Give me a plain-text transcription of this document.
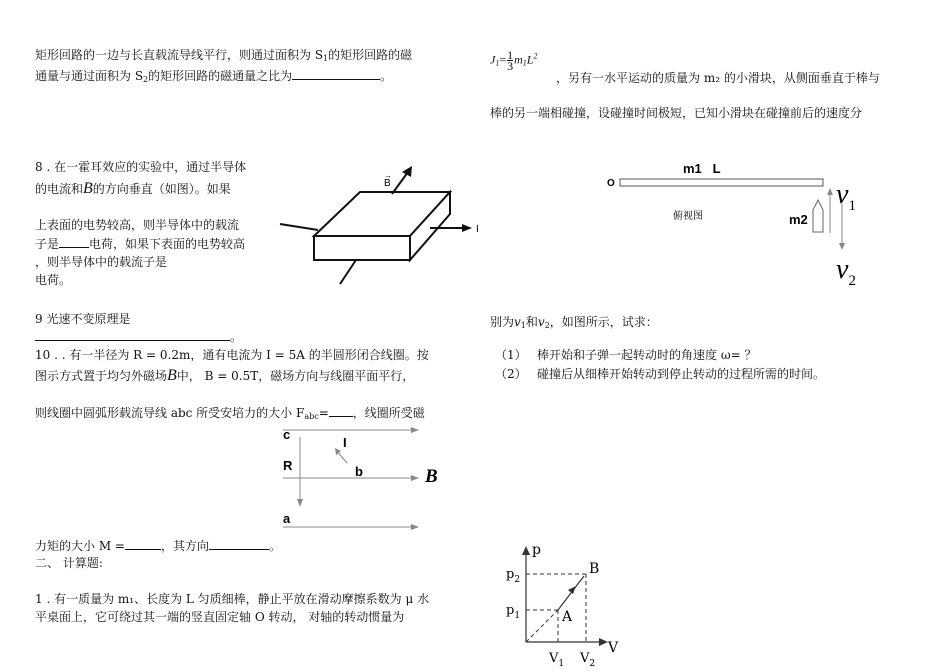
矩形回路的一边与长直载流导线平行，则通过面积为 $S_1$的矩形回路的磁
通量与通过面积为 $S_2$的矩形回路的磁通量之比为	。
8 . 在一霍耳效应的实验中，通过半导体
的电流和B的方向垂直（如图）。如果
上表面的电势较高，则半导体中的载流
子是	电荷，如果下表面的电势较高
，则半导体中的载流子是
电荷。
9 光速不变原理是
。
10 . . 有一半径为 R = 0.2m，通有电流为 I = 5A 的半圆形闭合线圈。按
图示方式置于均匀外磁场B中， B = 0.5T，磁场方向与线圈平面平行，
则线圈中圆弧形载流导线 abc 所受安培力的大小 $F_{abc}=$ ，线圈所受磁
力矩的大小 M =	，其方向	。
二、 计算题:
1 . 有一质量为 m₁、长度为 L 匀质细棒，静止平放在滑动摩擦系数为 μ 水
平桌面上，它可绕过其一端的竖直固定轴 O 转动， 对轴的转动惯量为
B
→
I
c
I
R	b	B
a
$J_1= \frac{1}{3} m_1L^2$
，另有一水平运动的质量为 m₂ 的小滑块，从侧面垂直于棒与
棒的另一端相碰撞，设碰撞时间极短，已知小滑块在碰撞前后的速度分
O
m1   L
俯视图	m2
$v_1$
$v_2$
别为$v_1$和$v_2$，如图所示，试求：
（1） 棒开始和子弹一起转动时的角速度 ω= ？
（2） 碰撞后从细棒开始转动到停止转动的过程所需的时间。
p
V
$p_2$
$p_1$
$V_1$ $V_2$
A
B
